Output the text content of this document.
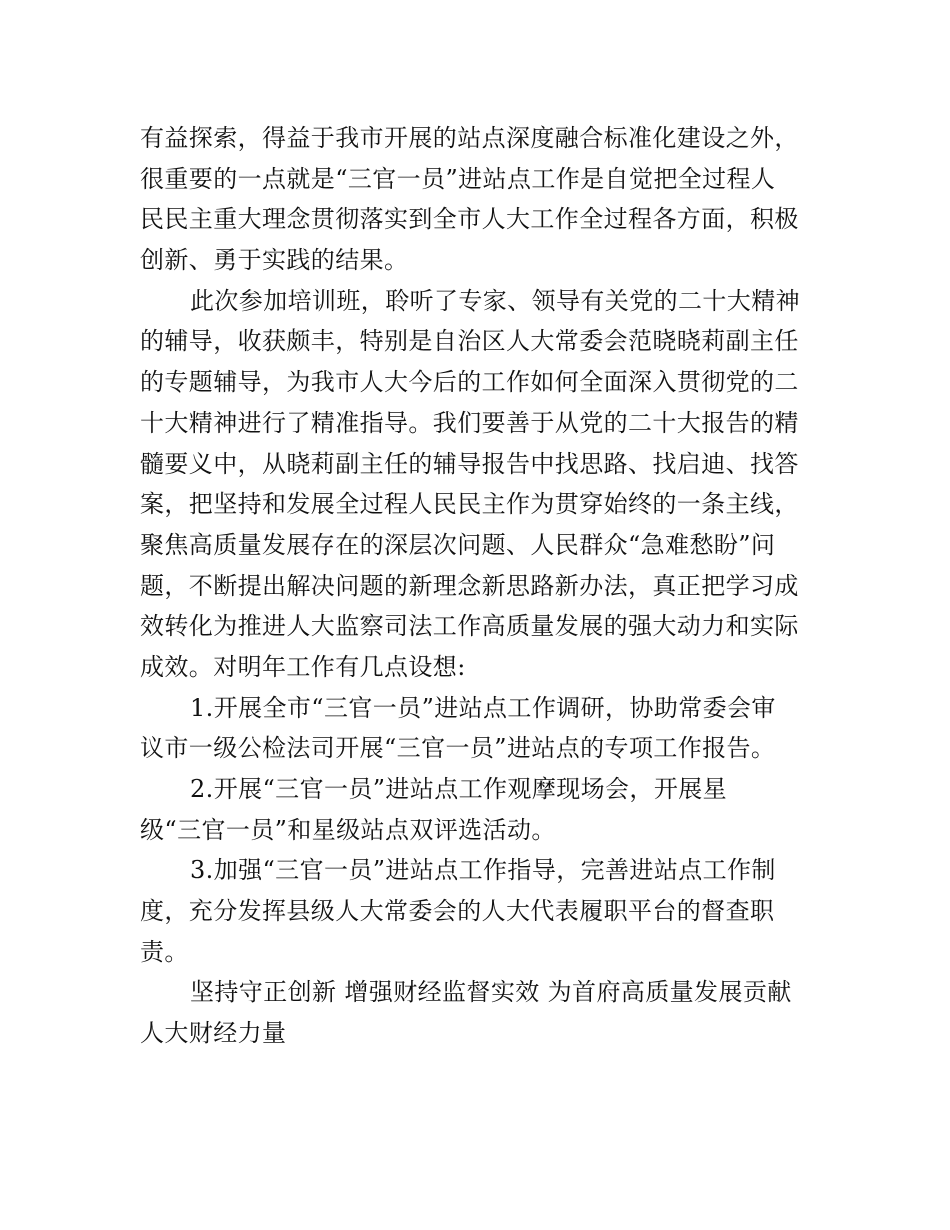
有益探索，得益于我市开展的站点深度融合标准化建设之外，
很重要的一点就是“三官一员”进站点工作是自觉把全过程人
民民主重大理念贯彻落实到全市人大工作全过程各方面，积极
创新、勇于实践的结果。
此次参加培训班，聆听了专家、领导有关党的二十大精神
的辅导，收获颇丰，特别是自治区人大常委会范晓晓莉副主任
的专题辅导，为我市人大今后的工作如何全面深入贯彻党的二
十大精神进行了精准指导。我们要善于从党的二十大报告的精
髓要义中，从晓莉副主任的辅导报告中找思路、找启迪、找答
案，把坚持和发展全过程人民民主作为贯穿始终的一条主线，
聚焦高质量发展存在的深层次问题、人民群众“急难愁盼”问
题，不断提出解决问题的新理念新思路新办法，真正把学习成
效转化为推进人大监察司法工作高质量发展的强大动力和实际
成效。对明年工作有几点设想:
1.开展全市“三官一员”进站点工作调研，协助常委会审
议市一级公检法司开展“三官一员”进站点的专项工作报告。
2.开展“三官一员”进站点工作观摩现场会，开展星
级“三官一员”和星级站点双评选活动。
3.加强“三官一员”进站点工作指导，完善进站点工作制
度，充分发挥县级人大常委会的人大代表履职平台的督查职
责。
坚持守正创新 增强财经监督实效 为首府高质量发展贡献
人大财经力量
